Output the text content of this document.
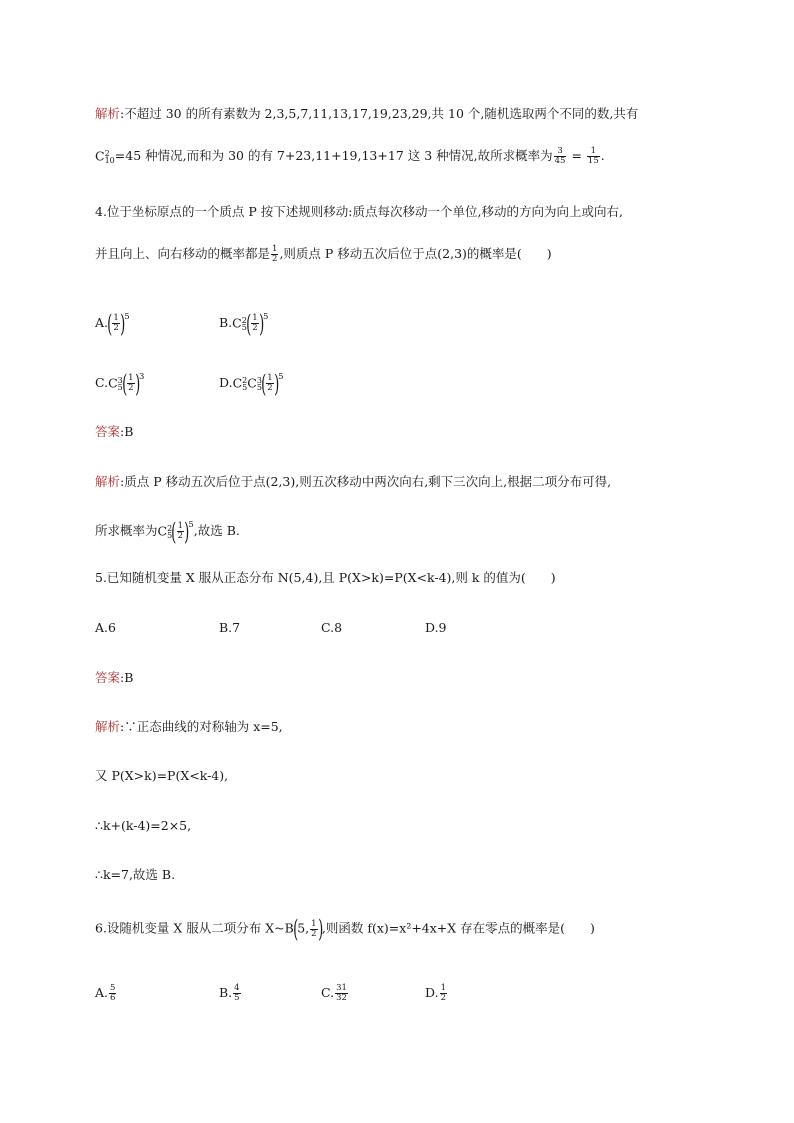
解析:不超过 30 的所有素数为 2,3,5,7,11,13,17,19,23,29,共 10 个,随机选取两个不同的数,共有
C 2
10 =45 种情况,而和为 30 的有 7+23,11+19,13+17 这 3 种情况,故所求概率为 $\frac{3}{45} = \frac{1}{15}$ .
4.位于坐标原点的一个质点 P 按下述规则移动:质点每次移动一个单位,移动的方向为向上或向右,
并且向上、向右移动的概率都是 $\frac{1}{2}$ ,则质点 P 移动五次后位于点(2,3)的概率是(　　)
$A.( \frac{1}{2} )^5$	B.C 2
5 ( $\frac{1}{2} )^5$
C.C 3
5 ( $\frac{1}{2} )^3$	D.C 2
5 C 3
5 ( $\frac{1}{2} )^5$
答案:B
解析:质点 P 移动五次后位于点(2,3),则五次移动中两次向右,剩下三次向上,根据二项分布可得,
所求概率为C 2
5 ( $\frac{1}{2} )^5$,故选 B.
5.已知随机变量 X 服从正态分布 N(5,4),且 P(X>k)=P(X<k-4),则 k 的值为(　　)
A.6	B.7	C.8	D.9
答案:B
解析:∵正态曲线的对称轴为 x=5,
又 P(X>k)=P(X<k-4),
∴k+(k-4)=2×5,
∴k=7,故选 B.
6.设随机变量 X 服从二项分布 X~B(5, $\frac{1}{2}$ ),则函数 f(x)=x²+4x+X 存在零点的概率是(　　)
A. $\frac{5}{6}$	B. $\frac{4}{5}$	C. $\frac{31}{32}$	D. $\frac{1}{2}$
